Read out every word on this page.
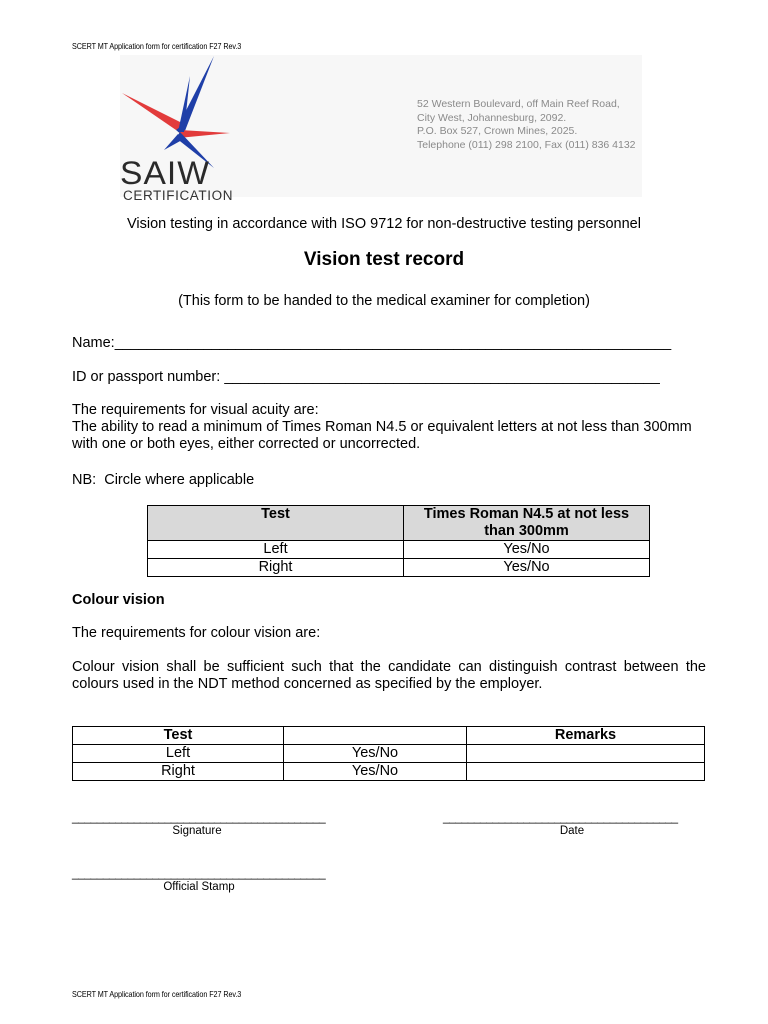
SCERT MT Application form for certification F27 Rev.3
SAIW
CERTIFICATION
52 Western Boulevard, off Main Reef Road,
City West, Johannesburg, 2092.
P.O. Box 527, Crown Mines, 2025.
Telephone (011) 298 2100, Fax (011) 836 4132
Vision testing in accordance with ISO 9712 for non-destructive testing personnel
Vision test record
(This form to be handed to the medical examiner for completion)
Name:_____________________________________________________________________
ID or passport number: ______________________________________________________
The requirements for visual acuity are:
The ability to read a minimum of Times Roman N4.5 or equivalent letters at not less than 300mm with one or both eyes, either corrected or uncorrected.
NB:  Circle where applicable
Test	Times Roman N4.5 at not less than 300mm
Left	Yes/No
Right	Yes/No
Colour vision
The requirements for colour vision are:
Colour vision shall be sufficient such that the candidate can distinguish contrast between the colours used in the NDT method concerned as specified by the employer.
Test		Remarks
Left	Yes/No	
Right	Yes/No	
_________________________________________
Signature
______________________________________
Date
_________________________________________
Official Stamp
SCERT MT Application form for certification F27 Rev.3
